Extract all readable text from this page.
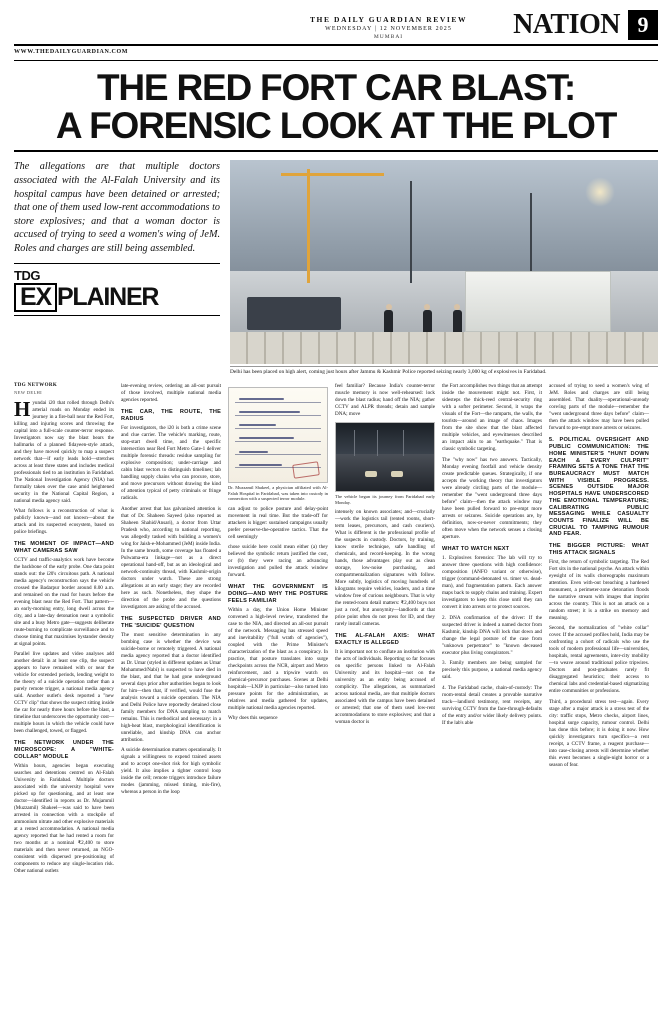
THE DAILY GUARDIAN REVIEW
WEDNESDAY | 12 NOVEMBER 2025
MUMBAI	NATION 9
WWW.THEDAILYGUARDIAN.COM
THE RED FORT CAR BLAST:
A FORENSIC LOOK AT THE PLOT
The allegations are that multiple doctors associated with the Al-Falah University and its hospital campus have been detained or arrested; that one of them used low-rent accommodations to store explosives; and that a woman doctor is accused of trying to seed a women's wing of JeM. Roles and charges are still being assembled.
TDG
EX PLAINER
Delhi has been placed on high alert, coming just hours after Jammu & Kashmir Police reported seizing nearly 3,000 kg of explosives in Faridabad.
TDG NETWORK
NEW DELHI

Hyundai i20 that rolled through Delhi's arterial roads on Monday ended its journey in a fire-ball near the Red Fort, killing and injuring scores and throwing the capital into a full-scale counter-terror response. Investigators now say the blast bears the hallmarks of a planned fidayeen-style attack, and they have moved quickly to map a suspect network that—if early leads hold—stretches across at least three states and includes medical professionals tied to an institution in Faridabad. The National Investigation Agency (NIA) has formally taken over the case amid heightened security in the National Capital Region, a national media agency said.

What follows is a reconstruction of what is publicly known—and not known—about the attack and its suspected ecosystem, based on police briefings.

THE MOMENT OF IMPACT—AND WHAT CAMERAS SAW

CCTV and traffic-analytics work have become the backbone of the early probe. One data point stands out: the i20's circuitous path. A national media agency's reconstruction says the vehicle crossed the Badarpur border around 8.00 a.m. and remained on the road for hours before the evening blast near the Red Fort. That pattern—an early-morning entry, long dwell across the city, and a late-day detonation near a symbolic site and a busy Metro gate—suggests deliberate route-burning to complicate surveillance and to choose timing that maximises bystander density at signal points.

Parallel live updates and video analyses add another detail: in at least one clip, the suspect appears to have remained with or near the vehicle for extended periods, lending weight to the theory of a suicide operation rather than a purely remote trigger, a national media agency said. Another outlet's desk reported a "new CCTV clip" that shows the suspect sitting inside the car for nearly three hours before the blast, a timeline that underscores the opportunity cost—multiple hours in which the vehicle could have been challenged, towed, or flagged.

THE NETWORK UNDER THE MICROSCOPE: A "WHITE-COLLAR" MODULE

Within hours, agencies began executing searches and detentions centred on Al-Falah University in Faridabad. Multiple doctors associated with the university hospital were picked up for questioning, and at least one doctor—identified in reports as Dr. Mujammil (Muzzamil) Shakeel—was said to have been arrested in connection with a stockpile of ammonium nitrate and other explosive materials at a rented accommodation. A national media agency reported that he had rented a room for two months at a nominal ₹2,400 to store materials and then never returned, an NGO-consistent with dispersed pre-positioning of components to reduce any single-location risk. Other national outlets

late-evening review, ordering an all-out pursuit of those involved, multiple national media agencies reported.

THE CAR, THE ROUTE, THE RADIUS

For investigators, the i20 is both a crime scene and clue carrier. The vehicle's marking, route, stop-start dwell time, and the specific intersection near Red Fort Metro Gate-1 deliver multiple forensic threads: residue sampling for explosive composition; under-carriage and cabin blast vectors to distinguish timelines; lab handling supply chains who can procure, store, and move precursors without drawing the kind of attention typical of petty criminals or fringe radicals.

Another arrest that has galvanized attention is that of Dr. Shaheen Sayeed (also reported as Shaheen Shahid/Ansari), a doctor from Uttar Pradesh who, according to national reporting, was allegedly tasked with building a women's wing for Jaish-e-Mohammed (JeM) inside India. In the same breath, some coverage has floated a Pulwama-era linkage—not as a direct operational hand-off, but as an ideological and network-continuity thread, with Kashmir-origin doctors under watch. These are strong allegations at an early stage; they are recorded here as such. Nonetheless, they shape the direction of the probe and the questions investigators are asking of the accused.

THE SUSPECTED DRIVER AND THE 'SUICIDE' QUESTION

The most sensitive determination in any bombing case is whether the device was suicide-borne or remotely triggered. A national media agency reported that a doctor identified as Dr. Umar (styled in different updates as Umar Mohammed/Nabi) is suspected to have died in the blast, and that he had gone underground several days prior after authorities began to look for him—then that, if verified, would fuse the analysis toward a suicide operation. The NIA and Delhi Police have reportedly detained close family members for DNA sampling to match remains. This is methodical and necessary: in a high-heat blast, morphological identification is unreliable, and kinship DNA can anchor attribution.

A suicide determination matters operationally. It signals a willingness to expend trained assets and to accept one-shot risk for high symbolic yield. It also implies a tighter control loop inside the cell; remote triggers introduce failure modes (jamming, missed timing, mis-fire), whereas a person in the loop

Dr. Muzzamil Shakeel, a physician affiliated with Al-Falah Hospital in Faridabad, was taken into custody in connection with a suspected terror module.

can adjust to police posture and delay-point movement in real time. But the trade-off for attackers is bigger: sustained campaigns usually prefer preserve-the-operative tactics. That the cell seemingly

chose suicide here could mean either (a) they believed the symbolic return justified the cost, or (b) they were racing an advancing investigation and pulled the attack window forward.

WHAT THE GOVERNMENT IS DOING—AND WHY THE POSTURE FEELS FAMILIAR

Within a day, the Union Home Minister convened a high-level review, transferred the case to the NIA, and directed an all-out pursuit of the network. Messaging has stressed speed and inevitability ("full wrath of agencies"), coupled with the Prime Minister's characterization of the blast as a conspiracy. In practice, that posture translates into surge checkpoints across the NCR, airport and Metro reinforcement, and a tripwire watch on chemical-precursor purchases. Scenes at Delhi hospitals—LNJP in particular—also turned into pressure points for the administration, as relatives and media gathered for updates, multiple national media agencies reported.

Why does this sequence

feel familiar? Because India's counter-terror muscle memory is now well-rehearsed: lock down the blast radius; hand off the NIA; gather CCTV and ALPR threads; detain and sample DNA; move

The vehicle began its journey from Faridabad early Monday.

intensely on known associates; and—crucially—work the logistics tail (rented rooms, short-term leases, precursors, and cash couriers). What is different is the professional profile of the suspects in custody. Doctors, by training, know sterile technique, safe handling of chemicals, and record-keeping. In the wrong hands, those advantages play out as clean storage, low-noise purchasing, and compartmentalization signatures with follow. More subtly, logistics of moving hundreds of kilograms require vehicles, loaders, and a time window free of curious neighbours. That is why the rented-room detail matters: ₹2,400 buys not just a roof, but anonymity—landlords at that price point often do not press for ID, and they rarely install cameras.

THE AL-FALAH AXIS: WHAT EXACTLY IS ALLEGED

It is important not to conflate an institution with the acts of individuals. Reporting so far focuses on specific persons linked to Al-Falah University and its hospital—not on the university as an entity being accused of complicity. The allegations, as summarized across national media, are that multiple doctors associated with the campus have been detained or arrested; that one of them used low-rent accommodations to store explosives; and that a woman doctor is

the Fort accomplishes two things that an attempt inside the mouvement might not. First, it sidesteps the thick-reed central-security ring with a softer perimeter. Second, it wraps the visuals of the Fort—the ramparts, the walls, the tourists—around an image of chaos. Images from the site show that the blast affected multiple vehicles, and eyewitnesses described an impact akin to an "earthquake." That is classic symbolic targeting.

The "why now" has two answers. Tactically, Monday evening footfall and vehicle density create predictable queues. Strategically, if one accepts the working theory that investigators were already circling parts of the module—remember the "went underground three days before" claim—then the attack window may have been pulled forward to pre-empt more arrests or seizures. Suicide operations are, by definition, now-or-never commitments; they often move when the network senses a closing aperture.

WHAT TO WATCH NEXT

1. Explosives forensics: The lab will try to answer three questions with high confidence: composition (ANFO variant or otherwise), trigger (command-detonated vs. timer vs. dead-man), and fragmentation pattern. Each answer maps back to supply chains and training. Expert investigators to keep this close until they can convert it into arrests or to protect sources.

2. DNA confirmation of the driver: If the suspected driver is indeed a named doctor from Kashmir, kinship DNA will lock that down and change the legal posture of the case from "unknown perpetrator" to "known deceased executor plus living conspirators."

3. Family members are being sampled for precisely this purpose, a national media agency said.

4. The Faridabad cache, chain-of-custody: The room-rental detail creates a provable narrative track—landlord testimony, rent receipts, any surviving CCTV from the face-through-defaults of the entry and/or wider likely delivery points. If the lab's able

accused of trying to seed a women's wing of JeM. Roles and charges are still being assembled. That duality—operational-unready core/ing parts of the module—remember the "went underground three days before" claim—then the attack window may have been pulled forward to pre-empt more arrests or seizures.

5. POLITICAL OVERSIGHT AND PUBLIC COMMUNICATION: THE HOME MINISTER'S "HUNT DOWN EACH & EVERY CULPRIT" FRAMING SETS A TONE THAT THE BUREAUCRACY MUST MATCH WITH VISIBLE PROGRESS. SCENES OUTSIDE MAJOR HOSPITALS HAVE UNDERSCORED THE EMOTIONAL TEMPERATURE; CALIBRATING PUBLIC MESSAGING WHILE CASUALTY COUNTS FINALIZE WILL BE CRUCIAL TO TAMPING RUMOUR AND FEAR.
THE BIGGER PICTURE: WHAT THIS ATTACK SIGNALS

First, the return of symbolic targeting. The Red Fort sits in the national psyche. An attack within eyesight of its walls choreographs maximum attention. Even with-out breaching a hardened monument, a perimeter-zone detonation floods the narrative stream with images that imprint across the country. This is not an attack on a random street; it is a strike on memory and meaning.

Second, the normalization of "white collar" cover. If the accused profiles hold, India may be confronting a cohort of radicals who use the tools of modern professional life—universities, hospitals, rental agreements, inter-city mobility—to weave around traditional police tripwires. Doctors and post-graduates rarely fit disaggregated heuristics; their access to chemical labs and credential-based stigmatizing entire communities or professions.

Third, a procedural stress test—again. Every stage after a major attack is a stress test of the city: traffic stops, Metro checks, airport lines, hospital surge capacity, rumour control. Delhi has done this before; it is doing it now. How quickly investigators turn specifics—a rent receipt, a CCTV frame, a reagent purchase—into case-closing arrests will determine whether this event becomes a single-night horror or a season of fear.
